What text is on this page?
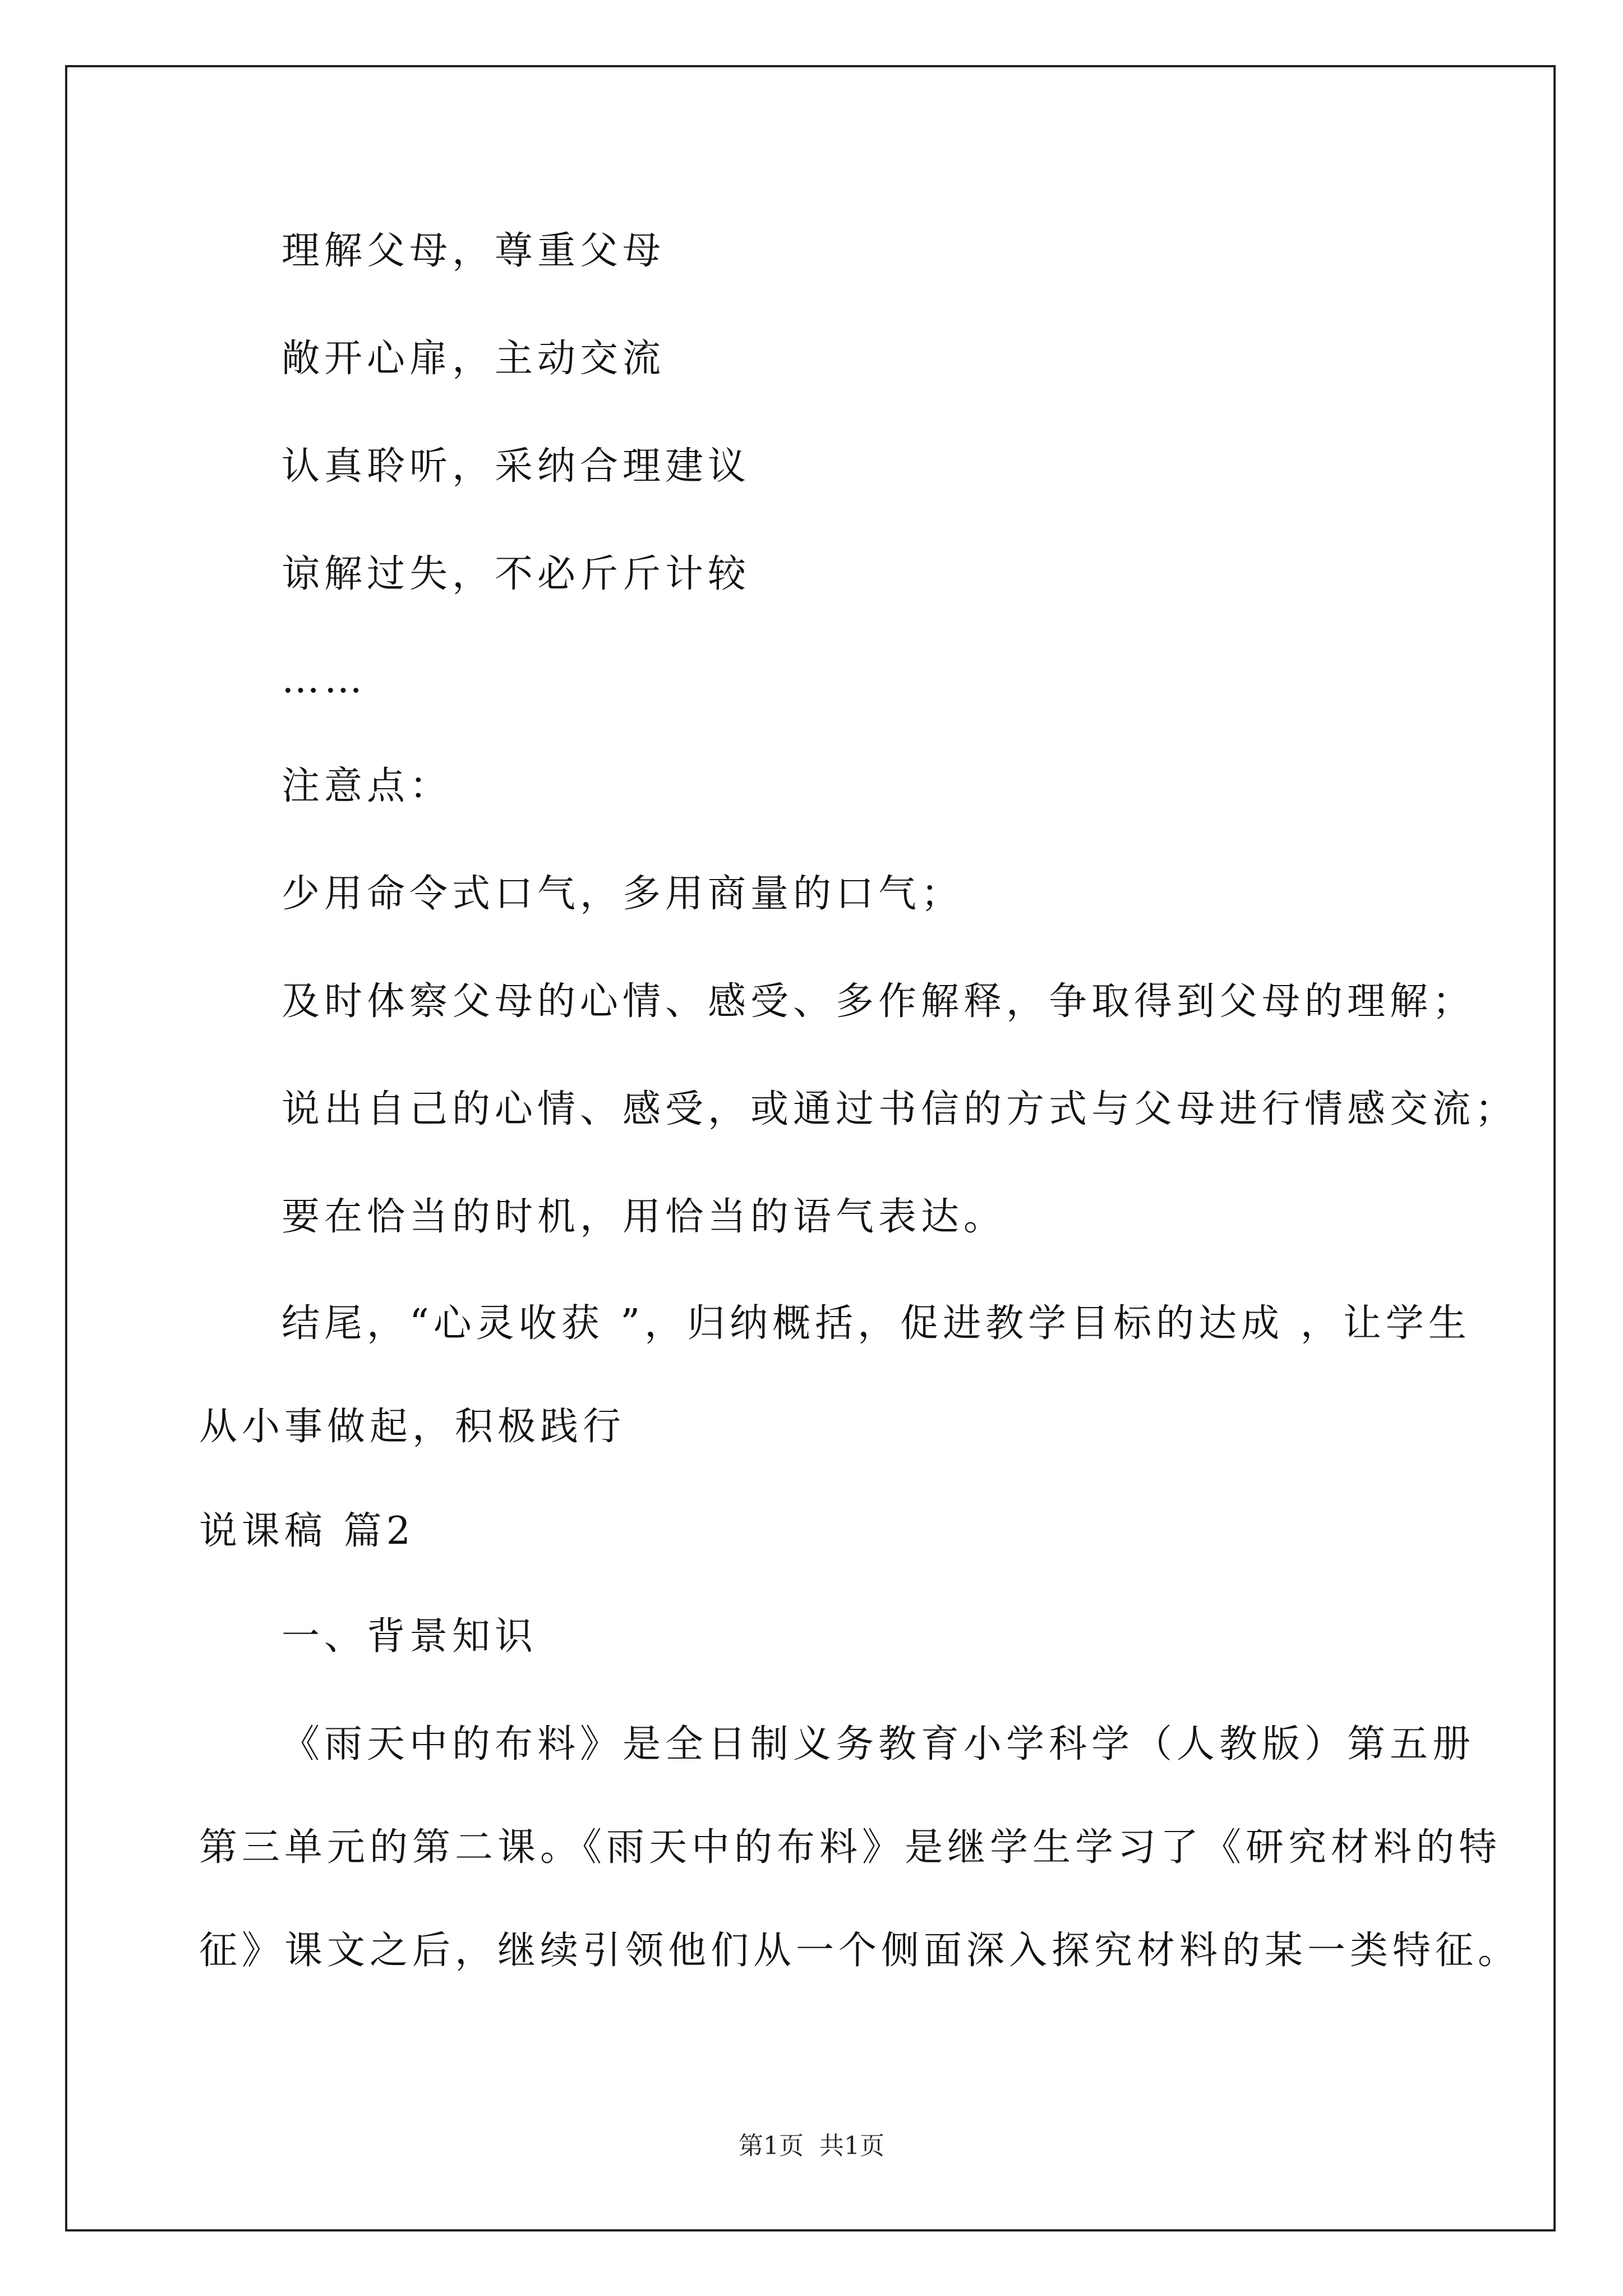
理解父母，尊重父母
敞开心扉，主动交流
认真聆听，采纳合理建议
谅解过失，不必斤斤计较
……
注意点：
少用命令式口气，多用商量的口气；
及时体察父母的心情、感受、多作解释，争取得到父母的理解；
说出自己的心情、感受，或通过书信的方式与父母进行情感交流；
要在恰当的时机，用恰当的语气表达。
结尾，“心灵收获 ”，归纳概括，促进教学目标的达成 ，让学生
从小事做起，积极践行
说课稿 篇2
一、背景知识
《雨天中的布料》是全日制义务教育小学科学（人教版）第五册
第三单元的第二课。《雨天中的布料》是继学生学习了《研究材料的特
征》课文之后，继续引领他们从一个侧面深入探究材料的某一类特征。
第1页  共1页
